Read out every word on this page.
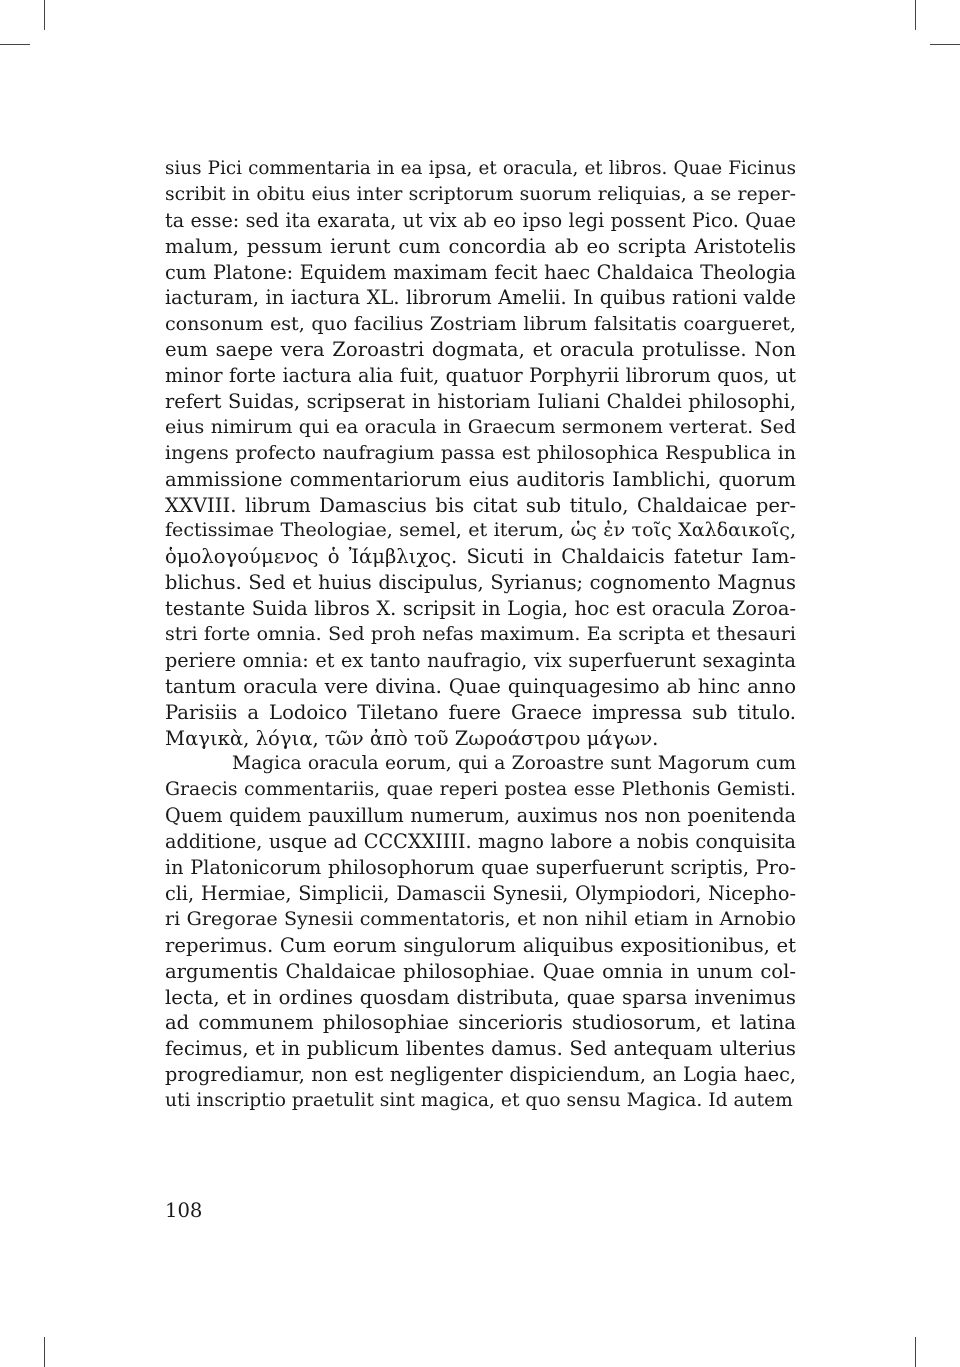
sius Pici commentaria in ea ipsa, et oracula, et libros. Quae Ficinus
scribit in obitu eius inter scriptorum suorum reliquias, a se reper-
ta esse: sed ita exarata, ut vix ab eo ipso legi possent Pico. Quae
malum, pessum ierunt cum concordia ab eo scripta Aristotelis
cum Platone: Equidem maximam fecit haec Chaldaica Theologia
iacturam, in iactura XL. librorum Amelii. In quibus rationi valde
consonum est, quo facilius Zostriam librum falsitatis coargueret,
eum saepe vera Zoroastri dogmata, et oracula protulisse. Non
minor forte iactura alia fuit, quatuor Porphyrii librorum quos, ut
refert Suidas, scripserat in historiam Iuliani Chaldei philosophi,
eius nimirum qui ea oracula in Graecum sermonem verterat. Sed
ingens profecto naufragium passa est philosophica Respublica in
ammissione commentariorum eius auditoris Iamblichi, quorum
XXVIII. librum Damascius bis citat sub titulo, Chaldaicae per-
fectissimae Theologiae, semel, et iterum, ὡς ἐν τοῖς Χαλδαικοῖς,
ὁμολογούμενος ὁ Ἰάμβλιχος. Sicuti in Chaldaicis fatetur Iam-
blichus. Sed et huius discipulus, Syrianus; cognomento Magnus
testante Suida libros X. scripsit in Logia, hoc est oracula Zoroa-
stri forte omnia. Sed proh nefas maximum. Ea scripta et thesauri
periere omnia: et ex tanto naufragio, vix superfuerunt sexaginta
tantum oracula vere divina. Quae quinquagesimo ab hinc anno
Parisiis a Lodoico Tiletano fuere Graece impressa sub titulo.
Μαγικὰ, λόγια, τῶν ἀπὸ τοῦ Ζωροάστρου μάγων.
Magica oracula eorum, qui a Zoroastre sunt Magorum cum
Graecis commentariis, quae reperi postea esse Plethonis Gemisti.
Quem quidem pauxillum numerum, auximus nos non poenitenda
additione, usque ad CCCXXIIII. magno labore a nobis conquisita
in Platonicorum philosophorum quae superfuerunt scriptis, Pro-
cli, Hermiae, Simplicii, Damascii Synesii, Olympiodori, Nicepho-
ri Gregorae Synesii commentatoris, et non nihil etiam in Arnobio
reperimus. Cum eorum singulorum aliquibus expositionibus, et
argumentis Chaldaicae philosophiae. Quae omnia in unum col-
lecta, et in ordines quosdam distributa, quae sparsa invenimus
ad communem philosophiae sincerioris studiosorum, et latina
fecimus, et in publicum libentes damus. Sed antequam ulterius
progrediamur, non est negligenter dispiciendum, an Logia haec,
uti inscriptio praetulit sint magica, et quo sensu Magica. Id autem
108
